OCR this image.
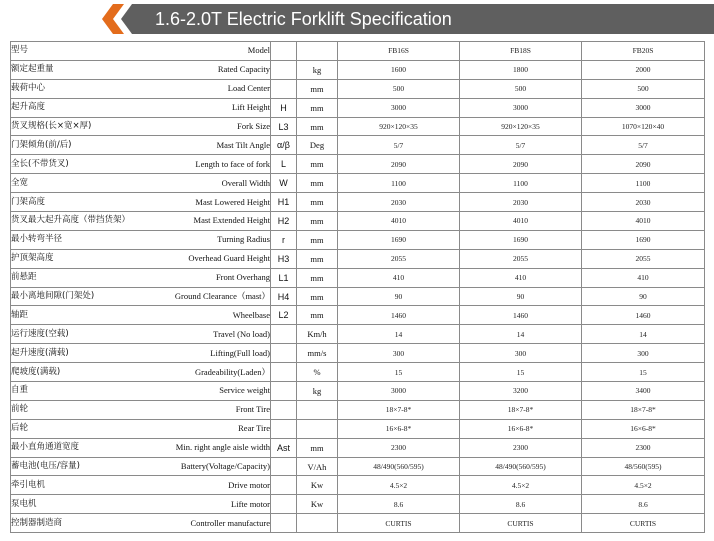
1.6-2.0T Electric Forklift Specification
型号 Model			FB16S	FB18S	FB20S

额定起重量 Rated Capacity		kg	1600	1800	2000

载荷中心 Load Center		mm	500	500	500

起升高度 Lift Height	H	mm	3000	3000	3000

货叉规格(长×宽×厚) Fork Size	L3	mm	920×120×35	920×120×35	1070×120×40

门架倾角(前/后) Mast Tilt Angle	α/β	Deg	5/7	5/7	5/7

全长(不带货叉) Length to face of fork	L	mm	2090	2090	2090

全宽 Overall Width	W	mm	1100	1100	1100

门架高度 Mast Lowered Height	H1	mm	2030	2030	2030

货叉最大起升高度（带挡货架） Mast Extended Height	H2	mm	4010	4010	4010

最小转弯半径 Turning Radius	r	mm	1690	1690	1690

护顶架高度 Overhead Guard Height	H3	mm	2055	2055	2055

前悬距 Front Overhang	L1	mm	410	410	410

最小离地间隙(门架处) Ground Clearance（mast）	H4	mm	90	90	90

轴距 Wheelbase	L2	mm	1460	1460	1460

运行速度(空载) Travel (No load)		Km/h	14	14	14

起升速度(满载) Lifting(Full load)		mm/s	300	300	300

爬坡度(满载) Gradeability(Laden）		%	15	15	15

自重 Service weight		kg	3000	3200	3400

前轮 Front Tire			18×7-8*	18×7-8*	18×7-8*

后轮 Rear Tire			16×6-8*	16×6-8*	16×6-8*

最小直角通道宽度 Min. right angle aisle width	Ast	mm	2300	2300	2300

蓄电池(电压/容量) Battery(Voltage/Capacity)		V/Ah	48/490(560/595)	48/490(560/595)	48/560(595)

牵引电机 Drive motor		Kw	4.5×2	4.5×2	4.5×2

泵电机 Lifte motor		Kw	8.6	8.6	8.6

控制器制造商 Controller manufacture			CURTIS	CURTIS	CURTIS
